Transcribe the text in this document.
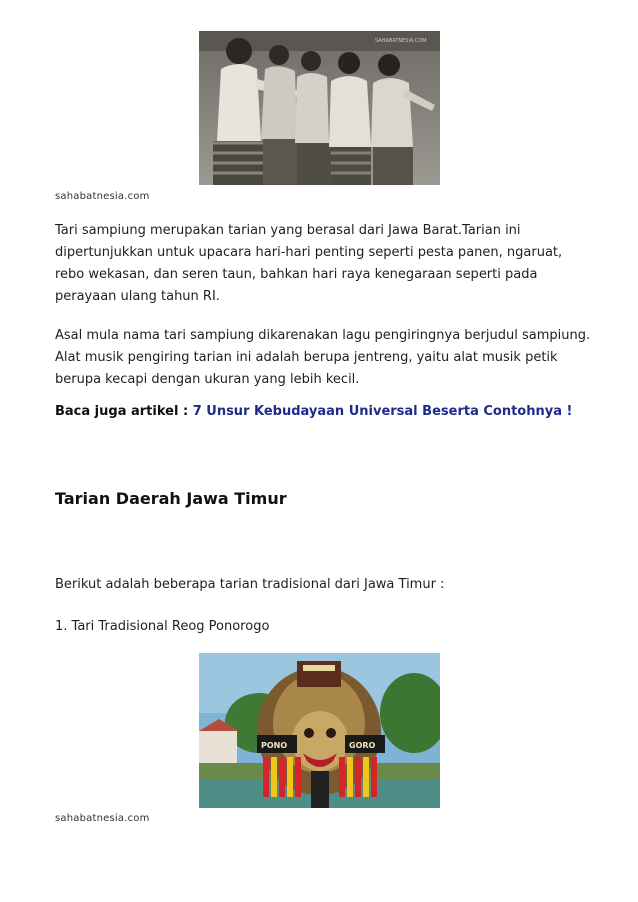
SAHABATNESIA.COM
sahabatnesia.com

Tari sampiung merupakan tarian yang berasal dari Jawa Barat.Tarian ini dipertunjukkan untuk upacara hari-hari penting seperti pesta panen, ngaruat, rebo wekasan, dan seren taun, bahkan hari raya kenegaraan seperti pada perayaan ulang tahun RI.

Asal mula nama tari sampiung dikarenakan lagu pengiringnya berjudul sampiung. Alat musik pengiring tarian ini adalah berupa jentreng, yaitu alat musik petik berupa kecapi dengan ukuran yang lebih kecil.

Baca juga artikel : 7 Unsur Kebudayaan Universal Beserta Contohnya !
Tarian Daerah Jawa Timur

Berikut adalah beberapa tarian tradisional dari Jawa Timur :

1. Tari Tradisional Reog Ponorogo

PONO	GORO
sahabatnesia.com
